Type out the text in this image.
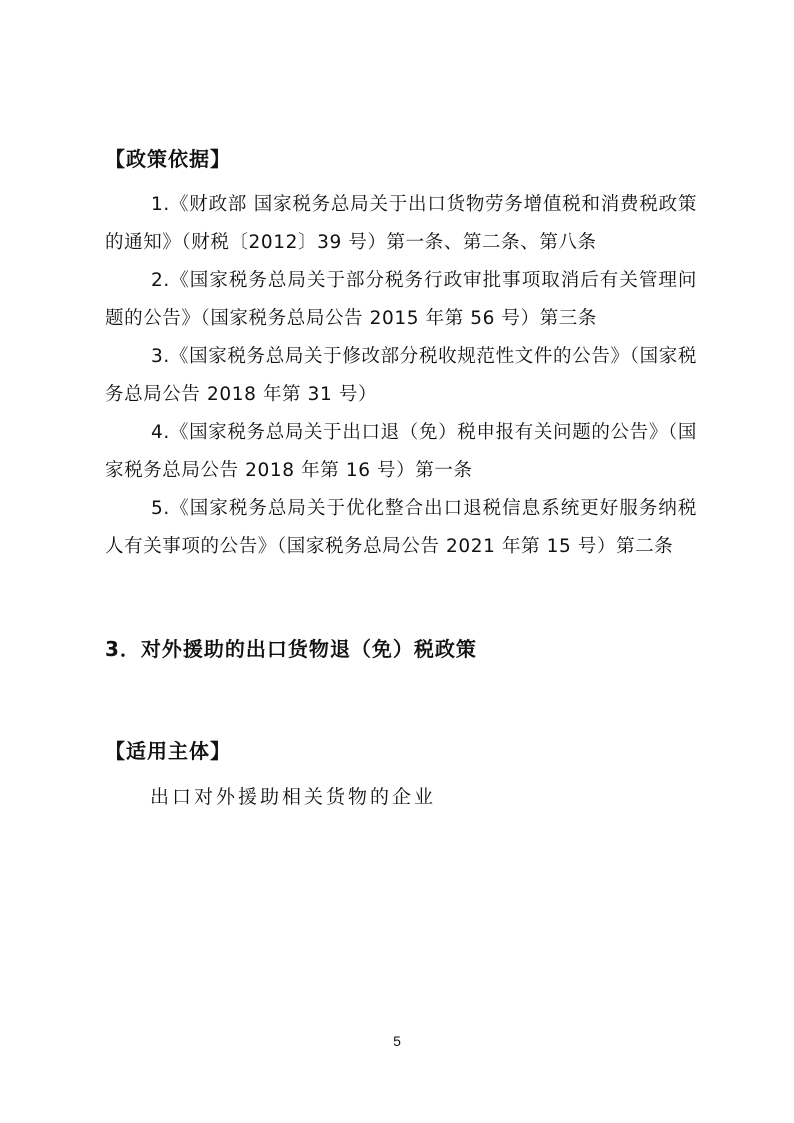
【政策依据】

1.《财政部 国家税务总局关于出口货物劳务增值税和消费税政策的通知》（财税〔2012〕39 号）第一条、第二条、第八条

2.《国家税务总局关于部分税务行政审批事项取消后有关管理问题的公告》（国家税务总局公告 2015 年第 56 号）第三条

3.《国家税务总局关于修改部分税收规范性文件的公告》（国家税务总局公告 2018 年第 31 号）

4.《国家税务总局关于出口退（免）税申报有关问题的公告》（国家税务总局公告 2018 年第 16 号）第一条

5.《国家税务总局关于优化整合出口退税信息系统更好服务纳税人有关事项的公告》（国家税务总局公告 2021 年第 15 号）第二条

3．对外援助的出口货物退（免）税政策
【适用主体】
出口对外援助相关货物的企业
5
